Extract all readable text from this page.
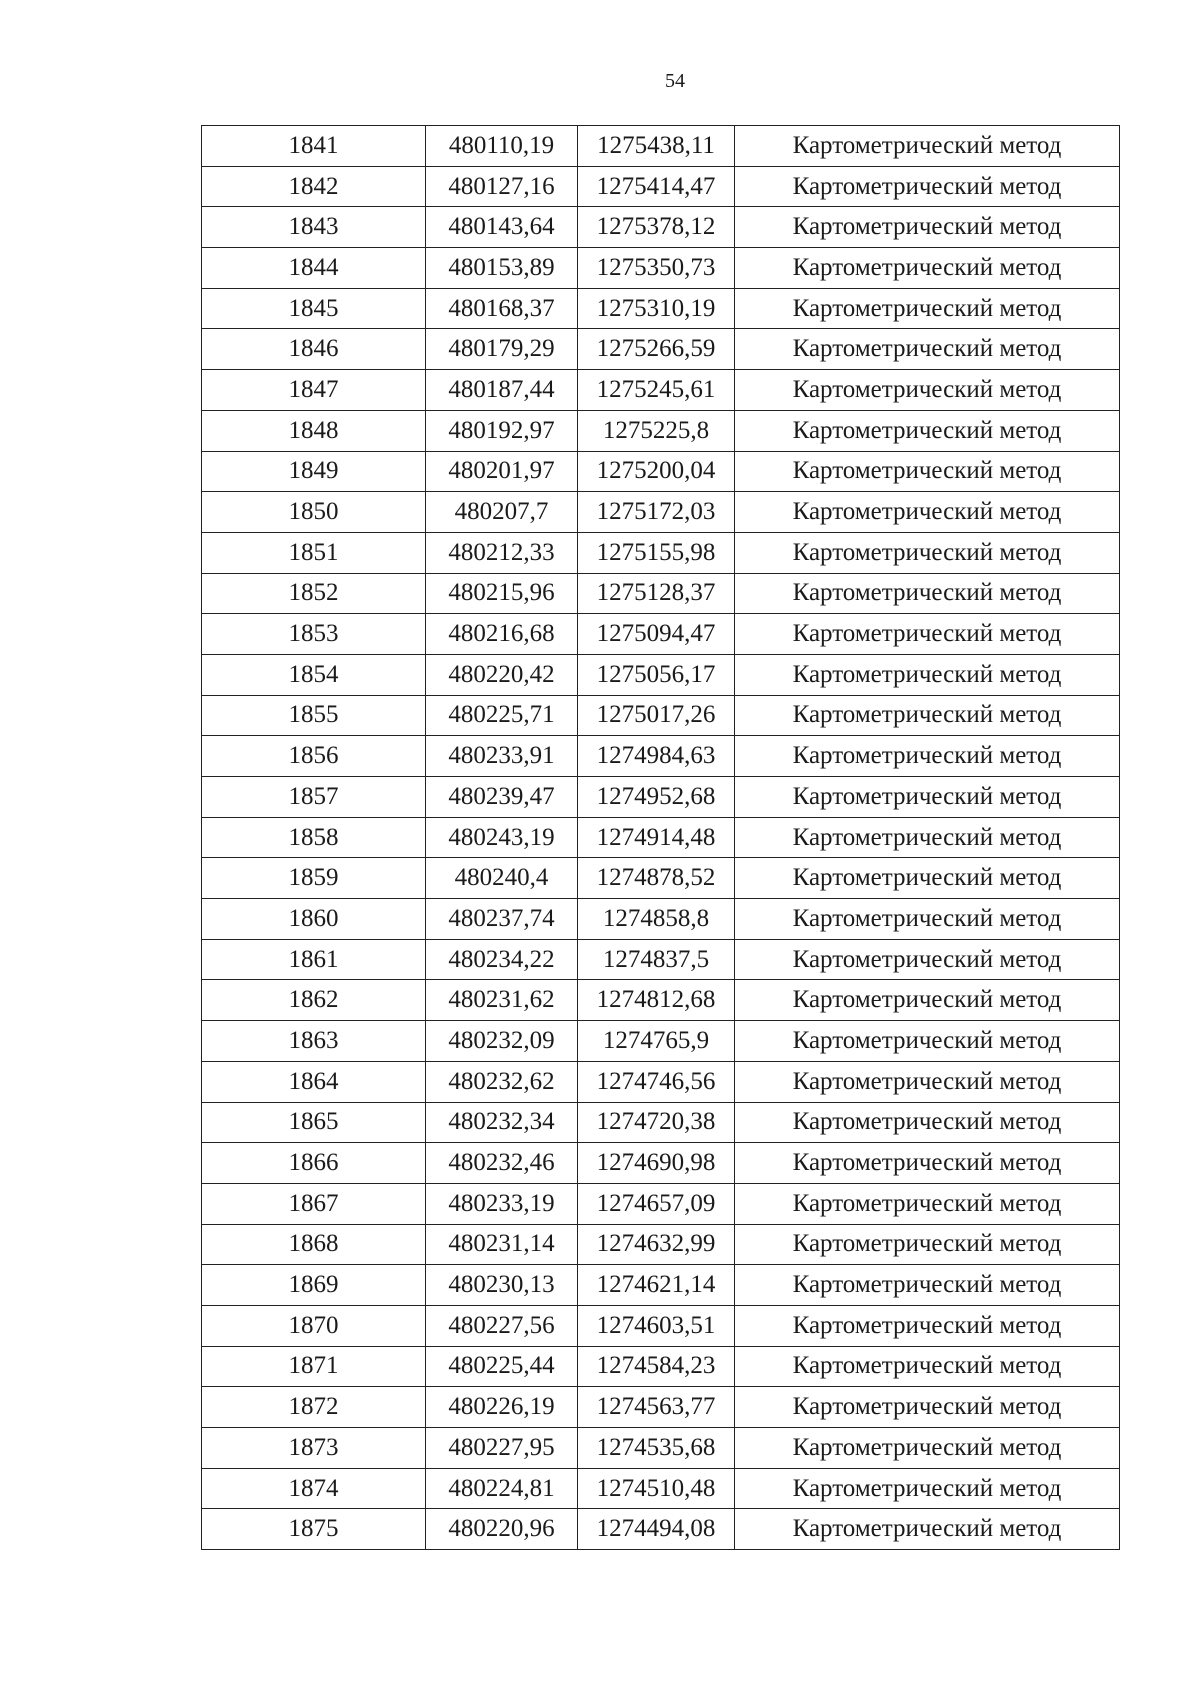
54
1841	480110,19	1275438,11	Картометрический метод
1842	480127,16	1275414,47	Картометрический метод
1843	480143,64	1275378,12	Картометрический метод
1844	480153,89	1275350,73	Картометрический метод
1845	480168,37	1275310,19	Картометрический метод
1846	480179,29	1275266,59	Картометрический метод
1847	480187,44	1275245,61	Картометрический метод
1848	480192,97	1275225,8	Картометрический метод
1849	480201,97	1275200,04	Картометрический метод
1850	480207,7	1275172,03	Картометрический метод
1851	480212,33	1275155,98	Картометрический метод
1852	480215,96	1275128,37	Картометрический метод
1853	480216,68	1275094,47	Картометрический метод
1854	480220,42	1275056,17	Картометрический метод
1855	480225,71	1275017,26	Картометрический метод
1856	480233,91	1274984,63	Картометрический метод
1857	480239,47	1274952,68	Картометрический метод
1858	480243,19	1274914,48	Картометрический метод
1859	480240,4	1274878,52	Картометрический метод
1860	480237,74	1274858,8	Картометрический метод
1861	480234,22	1274837,5	Картометрический метод
1862	480231,62	1274812,68	Картометрический метод
1863	480232,09	1274765,9	Картометрический метод
1864	480232,62	1274746,56	Картометрический метод
1865	480232,34	1274720,38	Картометрический метод
1866	480232,46	1274690,98	Картометрический метод
1867	480233,19	1274657,09	Картометрический метод
1868	480231,14	1274632,99	Картометрический метод
1869	480230,13	1274621,14	Картометрический метод
1870	480227,56	1274603,51	Картометрический метод
1871	480225,44	1274584,23	Картометрический метод
1872	480226,19	1274563,77	Картометрический метод
1873	480227,95	1274535,68	Картометрический метод
1874	480224,81	1274510,48	Картометрический метод
1875	480220,96	1274494,08	Картометрический метод
